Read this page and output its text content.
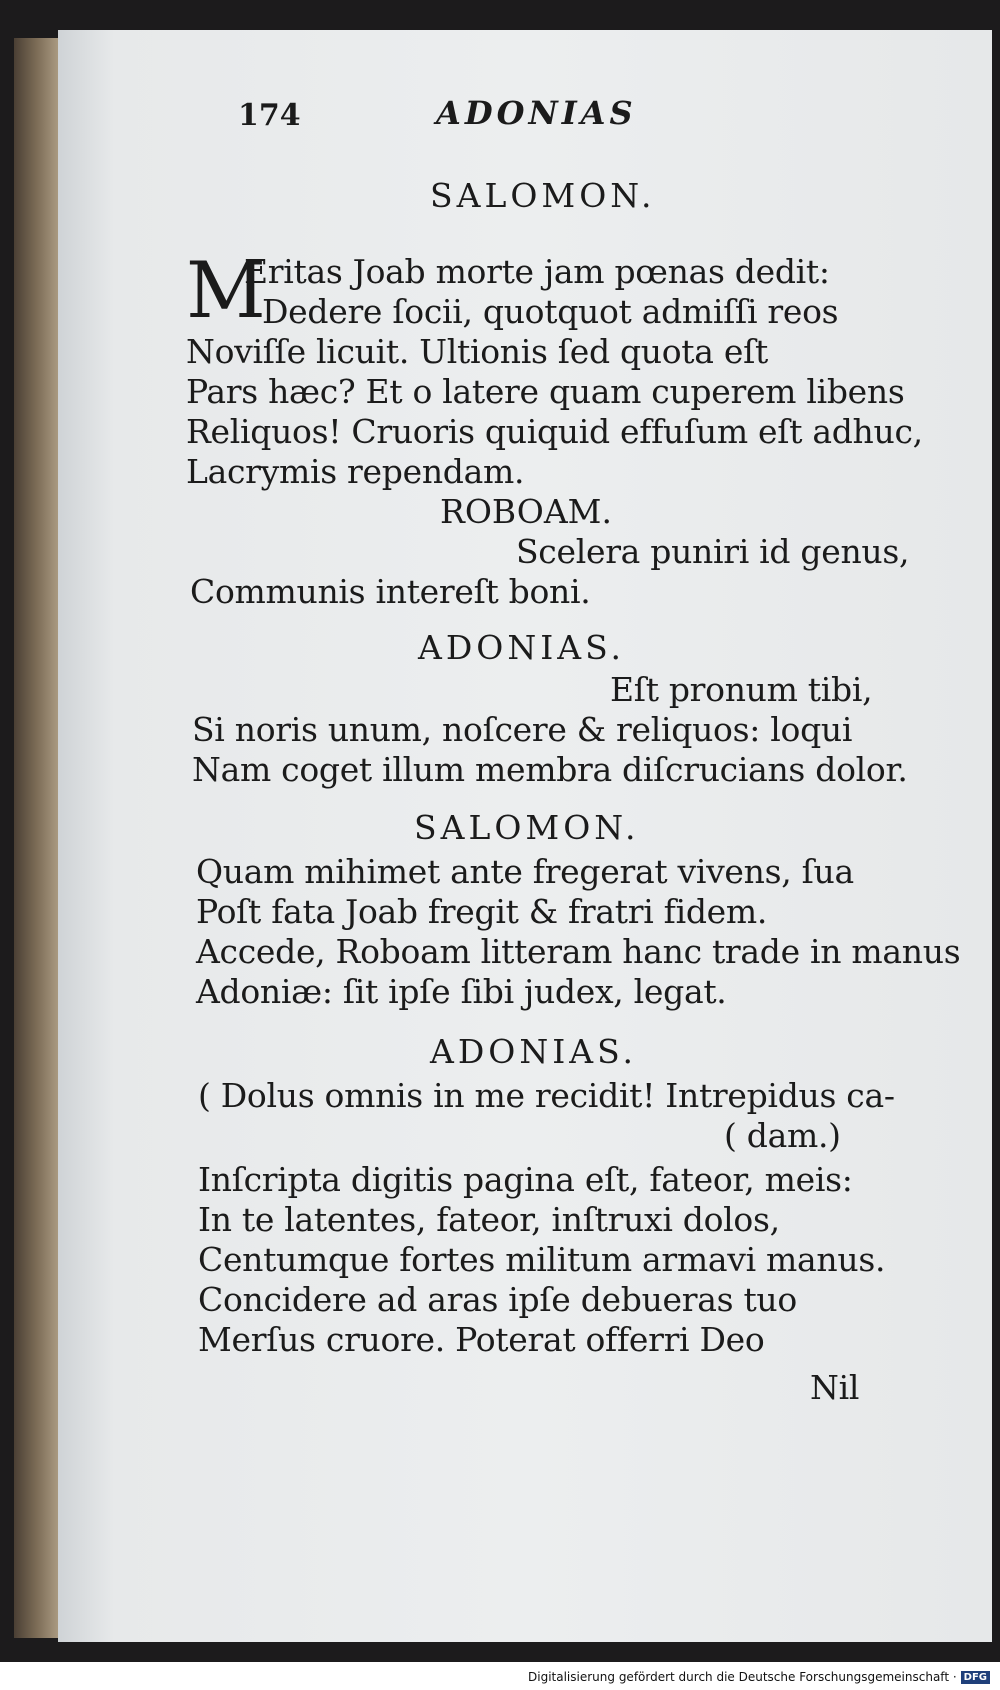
174	ADONIAS
SALOMON.
M
Eritas Joab morte jam pœnas dedit:
Dedere ſocii, quotquot admiſſi reos
Noviſſe licuit. Ultionis ſed quota eſt
Pars hæc? Et o latere quam cuperem libens
Reliquos! Cruoris quiquid effuſum eſt adhuc,
Lacrymis rependam.
ROBOAM.
Scelera puniri id genus,
Communis intereſt boni.
ADONIAS.
Eſt pronum tibi,
Si noris unum, noſcere & reliquos: loqui
Nam coget illum membra diſcrucians dolor.
SALOMON.
Quam mihimet ante fregerat vivens, ſua
Poſt fata Joab fregit & fratri fidem.
Accede, Roboam litteram hanc trade in manus
Adoniæ: ſit ipſe ſibi judex, legat.
ADONIAS.
( Dolus omnis in me recidit! Intrepidus ca-
( dam.)
Inſcripta digitis pagina eſt, fateor, meis:
In te latentes, fateor, inſtruxi dolos,
Centumque fortes militum armavi manus.
Concidere ad aras ipſe debueras tuo
Merſus cruore. Poterat offerri Deo
Nil
Digitalisierung gefördert durch die Deutsche Forschungsgemeinschaft · DFG
